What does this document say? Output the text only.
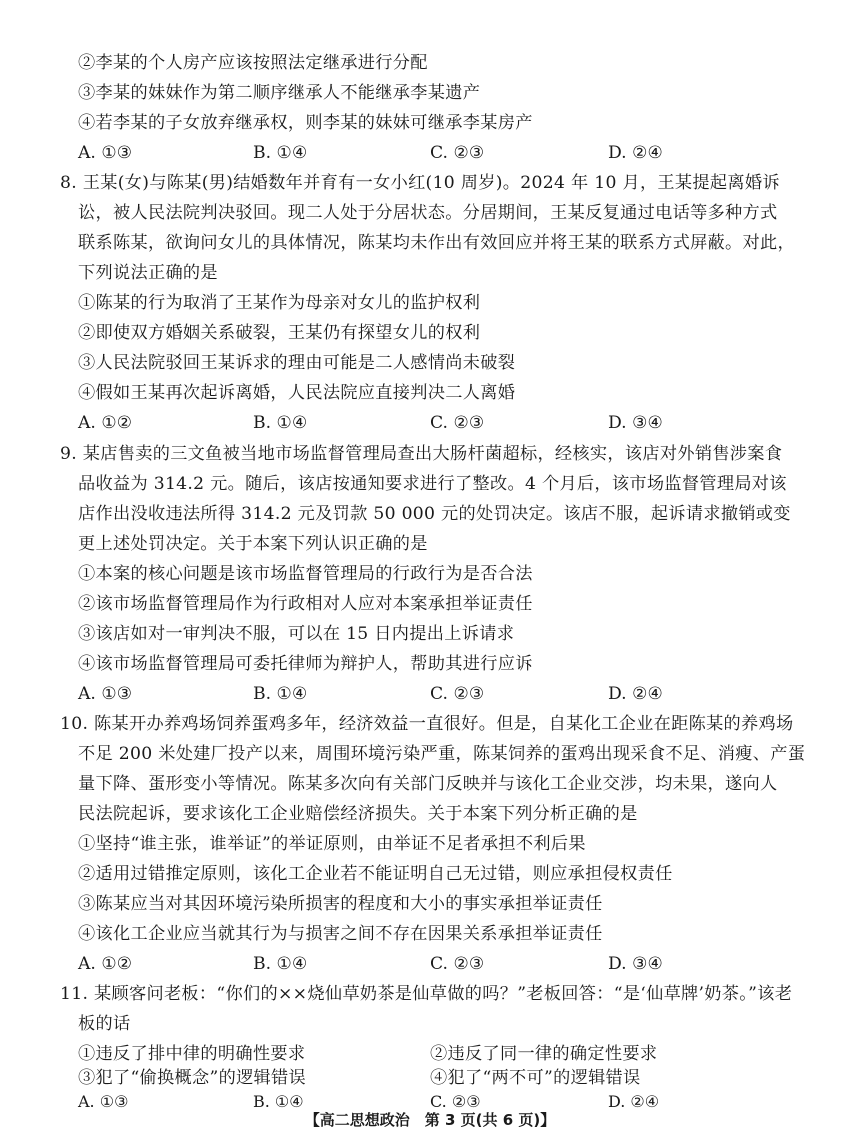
②李某的个人房产应该按照法定继承进行分配
③李某的妹妹作为第二顺序继承人不能继承李某遗产
④若李某的子女放弃继承权，则李某的妹妹可继承李某房产
A. ①③	B. ①④	C. ②③	D. ②④
8. 王某(女)与陈某(男)结婚数年并育有一女小红(10 周岁)。2024 年 10 月，王某提起离婚诉
讼，被人民法院判决驳回。现二人处于分居状态。分居期间，王某反复通过电话等多种方式
联系陈某，欲询问女儿的具体情况，陈某均未作出有效回应并将王某的联系方式屏蔽。对此，
下列说法正确的是
①陈某的行为取消了王某作为母亲对女儿的监护权利
②即使双方婚姻关系破裂，王某仍有探望女儿的权利
③人民法院驳回王某诉求的理由可能是二人感情尚未破裂
④假如王某再次起诉离婚，人民法院应直接判决二人离婚
A. ①②	B. ①④	C. ②③	D. ③④
9. 某店售卖的三文鱼被当地市场监督管理局查出大肠杆菌超标，经核实，该店对外销售涉案食
品收益为 314.2 元。随后，该店按通知要求进行了整改。4 个月后，该市场监督管理局对该
店作出没收违法所得 314.2 元及罚款 50 000 元的处罚决定。该店不服，起诉请求撤销或变
更上述处罚决定。关于本案下列认识正确的是
①本案的核心问题是该市场监督管理局的行政行为是否合法
②该市场监督管理局作为行政相对人应对本案承担举证责任
③该店如对一审判决不服，可以在 15 日内提出上诉请求
④该市场监督管理局可委托律师为辩护人，帮助其进行应诉
A. ①③	B. ①④	C. ②③	D. ②④
10. 陈某开办养鸡场饲养蛋鸡多年，经济效益一直很好。但是，自某化工企业在距陈某的养鸡场
不足 200 米处建厂投产以来，周围环境污染严重，陈某饲养的蛋鸡出现采食不足、消瘦、产蛋
量下降、蛋形变小等情况。陈某多次向有关部门反映并与该化工企业交涉，均未果，遂向人
民法院起诉，要求该化工企业赔偿经济损失。关于本案下列分析正确的是
①坚持“谁主张，谁举证”的举证原则，由举证不足者承担不利后果
②适用过错推定原则，该化工企业若不能证明自己无过错，则应承担侵权责任
③陈某应当对其因环境污染所损害的程度和大小的事实承担举证责任
④该化工企业应当就其行为与损害之间不存在因果关系承担举证责任
A. ①②	B. ①④	C. ②③	D. ③④
11. 某顾客问老板：“你们的××烧仙草奶茶是仙草做的吗？”老板回答：“是‘仙草牌’奶茶。”该老
板的话
①违反了排中律的明确性要求	②违反了同一律的确定性要求
③犯了“偷换概念”的逻辑错误	④犯了“两不可”的逻辑错误
A. ①③	B. ①④	C. ②③	D. ②④
【高二思想政治　第 3 页(共 6 页)】
